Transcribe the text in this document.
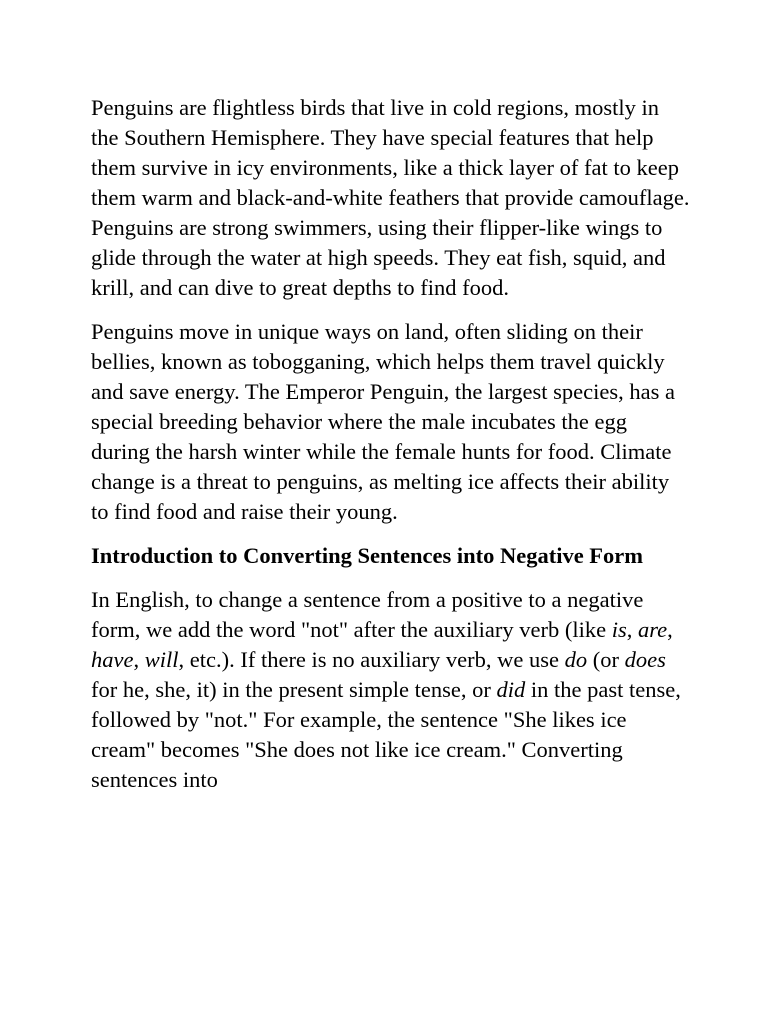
Penguins are flightless birds that live in cold regions, mostly in the Southern Hemisphere. They have special features that help them survive in icy environments, like a thick layer of fat to keep them warm and black-and-white feathers that provide camouflage. Penguins are strong swimmers, using their flipper-like wings to glide through the water at high speeds. They eat fish, squid, and krill, and can dive to great depths to find food.

Penguins move in unique ways on land, often sliding on their bellies, known as tobogganing, which helps them travel quickly and save energy. The Emperor Penguin, the largest species, has a special breeding behavior where the male incubates the egg during the harsh winter while the female hunts for food. Climate change is a threat to penguins, as melting ice affects their ability to find food and raise their young.

Introduction to Converting Sentences into Negative Form

In English, to change a sentence from a positive to a negative form, we add the word "not" after the auxiliary verb (like is, are, have, will, etc.). If there is no auxiliary verb, we use do (or does for he, she, it) in the present simple tense, or did in the past tense, followed by "not." For example, the sentence "She likes ice cream" becomes "She does not like ice cream." Converting sentences into
